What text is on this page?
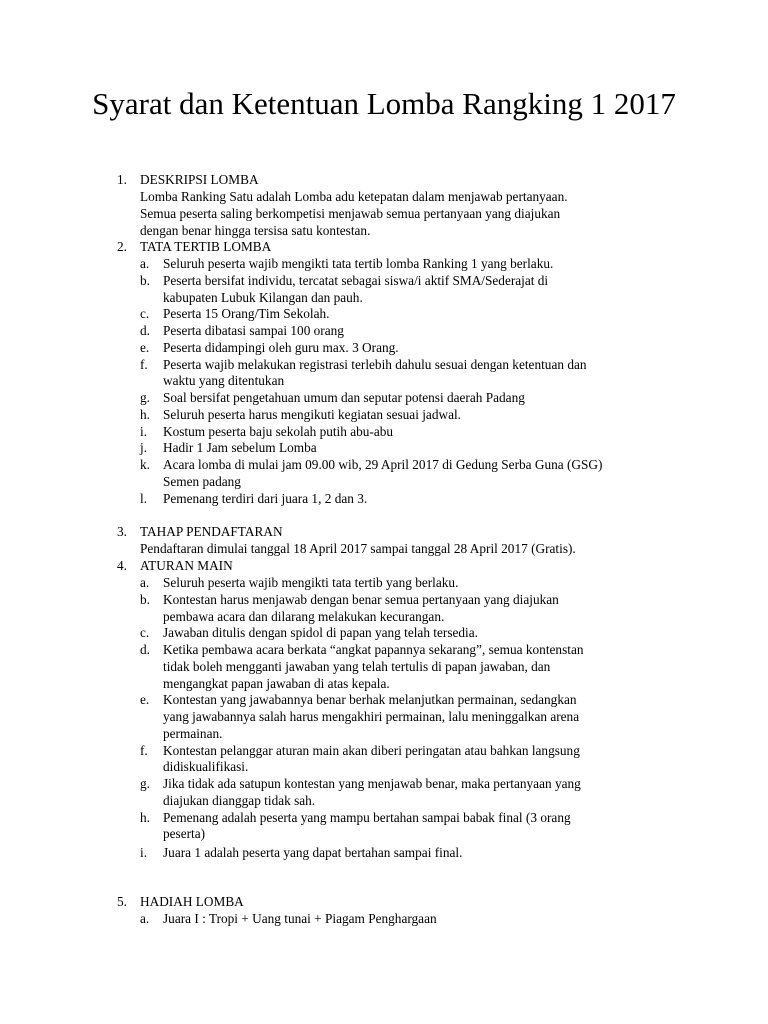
Syarat dan Ketentuan Lomba Rangking 1 2017
1. DESKRIPSI LOMBA
Lomba Ranking Satu adalah Lomba adu ketepatan dalam menjawab pertanyaan.
Semua peserta saling berkompetisi menjawab semua pertanyaan yang diajukan
dengan benar hingga tersisa satu kontestan.
2. TATA TERTIB LOMBA
a. Seluruh peserta wajib mengikti tata tertib lomba Ranking 1 yang berlaku.
b. Peserta bersifat individu, tercatat sebagai siswa/i aktif SMA/Sederajat di
kabupaten Lubuk Kilangan dan pauh.
c. Peserta 15 Orang/Tim Sekolah.
d. Peserta dibatasi sampai 100 orang
e. Peserta didampingi oleh guru max. 3 Orang.
f. Peserta wajib melakukan registrasi terlebih dahulu sesuai dengan ketentuan dan
waktu yang ditentukan
g. Soal bersifat pengetahuan umum dan seputar potensi daerah Padang
h. Seluruh peserta harus mengikuti kegiatan sesuai jadwal.
i. Kostum peserta baju sekolah putih abu-abu
j. Hadir 1 Jam sebelum Lomba
k. Acara lomba di mulai jam 09.00 wib, 29 April 2017 di Gedung Serba Guna (GSG)
Semen padang
l. Pemenang terdiri dari juara 1, 2 dan 3.
3. TAHAP PENDAFTARAN
Pendaftaran dimulai tanggal 18 April 2017 sampai tanggal 28 April 2017 (Gratis).
4. ATURAN MAIN
a. Seluruh peserta wajib mengikti tata tertib yang berlaku.
b. Kontestan harus menjawab dengan benar semua pertanyaan yang diajukan
pembawa acara dan dilarang melakukan kecurangan.
c. Jawaban ditulis dengan spidol di papan yang telah tersedia.
d. Ketika pembawa acara berkata “angkat papannya sekarang”, semua kontenstan
tidak boleh mengganti jawaban yang telah tertulis di papan jawaban, dan
mengangkat papan jawaban di atas kepala.
e. Kontestan yang jawabannya benar berhak melanjutkan permainan, sedangkan
yang jawabannya salah harus mengakhiri permainan, lalu meninggalkan arena
permainan.
f. Kontestan pelanggar aturan main akan diberi peringatan atau bahkan langsung
didiskualifikasi.
g. Jika tidak ada satupun kontestan yang menjawab benar, maka pertanyaan yang
diajukan dianggap tidak sah.
h. Pemenang adalah peserta yang mampu bertahan sampai babak final (3 orang
peserta)
i. Juara 1 adalah peserta yang dapat bertahan sampai final.
5. HADIAH LOMBA
a. Juara I : Tropi + Uang tunai + Piagam Penghargaan
